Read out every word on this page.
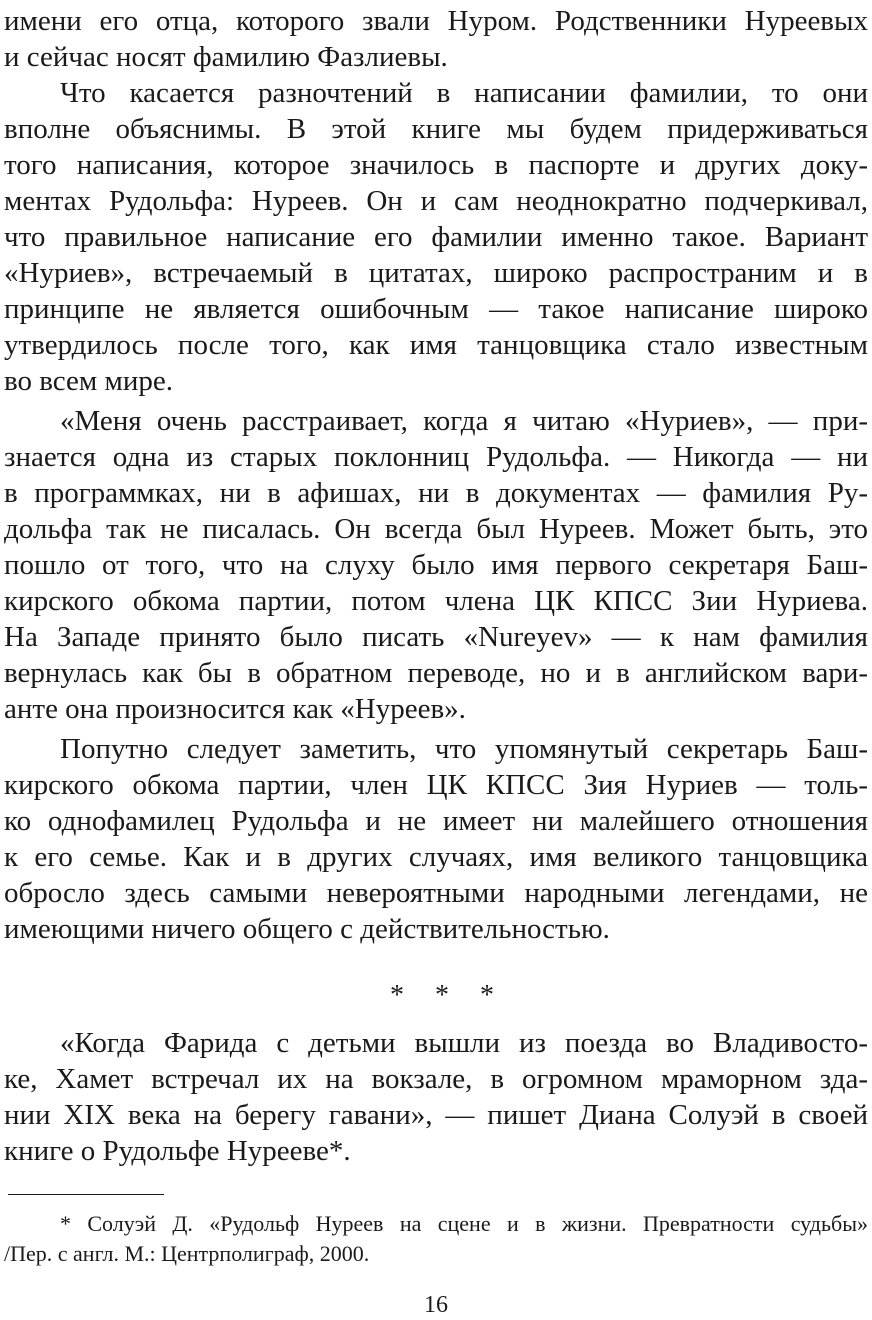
имени его отца, которого звали Нуром. Родственники Нуреевых
и сейчас носят фамилию Фазлиевы.
Что касается разночтений в написании фамилии, то они
вполне объяснимы. В этой книге мы будем придерживаться
того написания, которое значилось в паспорте и других доку-
ментах Рудольфа: Нуреев. Он и сам неоднократно подчеркивал,
что правильное написание его фамилии именно такое. Вариант
«Нуриев», встречаемый в цитатах, широко распространим и в
принципе не является ошибочным — такое написание широко
утвердилось после того, как имя танцовщика стало известным
во всем мире.
«Меня очень расстраивает, когда я читаю «Нуриев», — при-
знается одна из старых поклонниц Рудольфа. — Никогда — ни
в программках, ни в афишах, ни в документах — фамилия Ру-
дольфа так не писалась. Он всегда был Нуреев. Может быть, это
пошло от того, что на слуху было имя первого секретаря Баш-
кирского обкома партии, потом члена ЦК КПСС Зии Нуриева.
На Западе принято было писать «Nureyev» — к нам фамилия
вернулась как бы в обратном переводе, но и в английском вари-
анте она произносится как «Нуреев».
Попутно следует заметить, что упомянутый секретарь Баш-
кирского обкома партии, член ЦК КПСС Зия Нуриев — толь-
ко однофамилец Рудольфа и не имеет ни малейшего отношения
к его семье. Как и в других случаях, имя великого танцовщика
обросло здесь самыми невероятными народными легендами, не
имеющими ничего общего с действительностью.
* * *
«Когда Фарида с детьми вышли из поезда во Владивосто-
ке, Хамет встречал их на вокзале, в огромном мраморном зда-
нии XIX века на берегу гавани», — пишет Диана Солуэй в своей
книге о Рудольфе Нурееве*.
* Солуэй Д. «Рудольф Нуреев на сцене и в жизни. Превратности судьбы»
/Пер. с англ. М.: Центрполиграф, 2000.
16
